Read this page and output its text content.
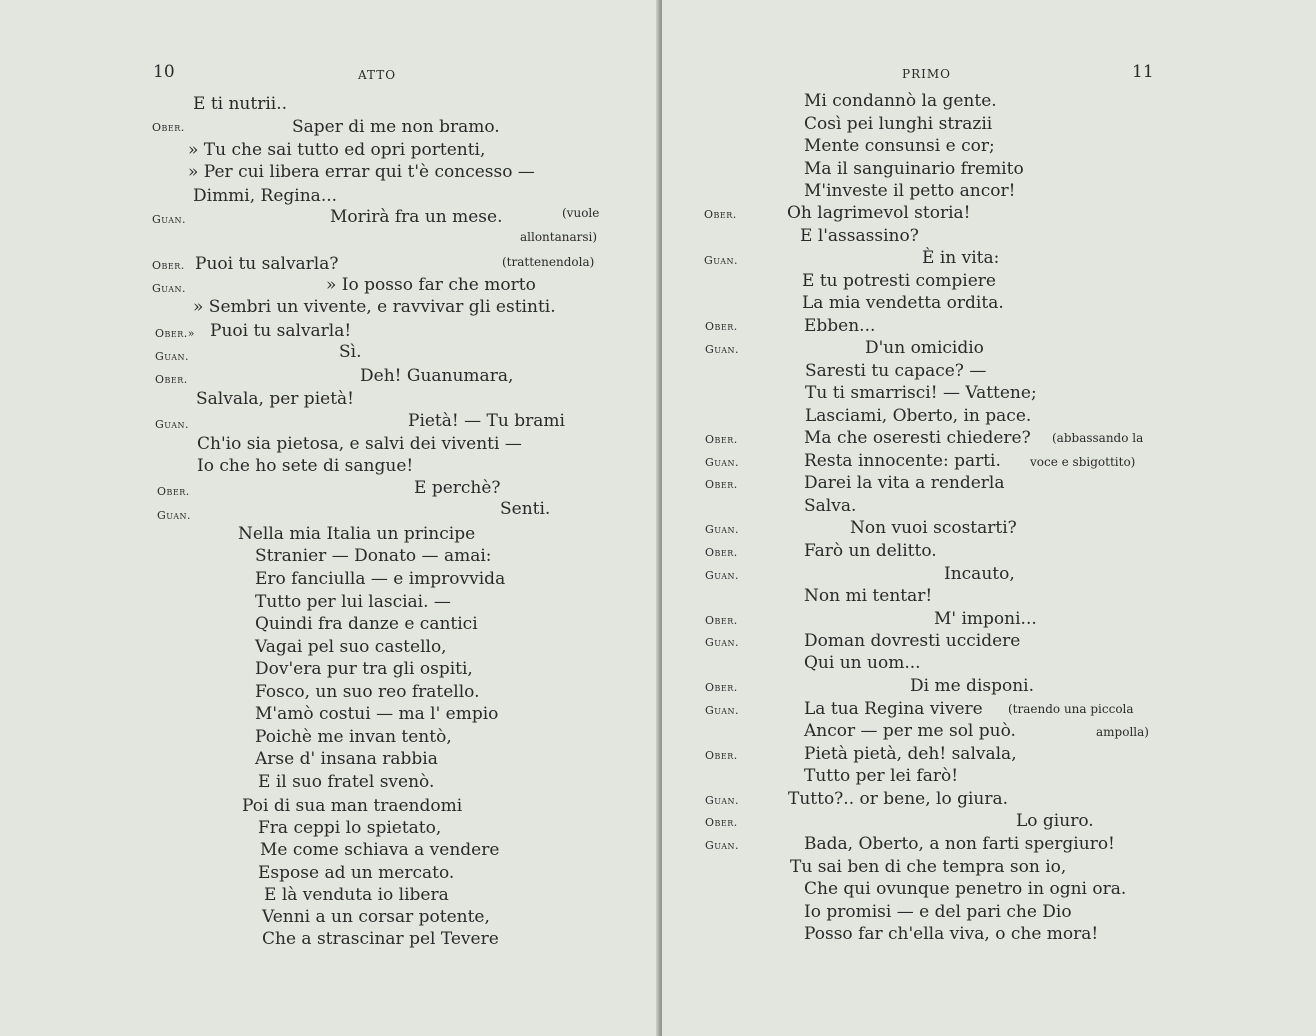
10	ATTO
E ti nutrii..
Ober.	Saper di me non bramo.
» Tu che sai tutto ed opri portenti,
» Per cui libera errar qui t'è concesso —
Dimmi, Regina...
Guan.	Morirà fra un mese.	(vuole
allontanarsi)
Ober. Puoi tu salvarla?	(trattenendola)
Guan.	» Io posso far che morto
» Sembri un vivente, e ravvivar gli estinti.
Ober.» Puoi tu salvarla!
Guan.	Sì.
Ober.	Deh! Guanumara,
Salvala, per pietà!
Guan.	Pietà! — Tu brami
Ch'io sia pietosa, e salvi dei viventi —
Io che ho sete di sangue!
Ober.	E perchè?
Guan.	Senti.
Nella mia Italia un principe
Stranier — Donato — amai:
Ero fanciulla — e improvvida
Tutto per lui lasciai. —
Quindi fra danze e cantici
Vagai pel suo castello,
Dov'era pur tra gli ospiti,
Fosco, un suo reo fratello.
M'amò costui — ma l' empio
Poichè me invan tentò,
Arse d' insana rabbia
E il suo fratel svenò.
Poi di sua man traendomi
Fra ceppi lo spietato,
Me come schiava a vendere
Espose ad un mercato.
E là venduta io libera
Venni a un corsar potente,
Che a strascinar pel Tevere
PRIMO	11
Mi condannò la gente.
Così pei lunghi strazii
Mente consunsi e cor;
Ma il sanguinario fremito
M'investe il petto ancor!
Ober.	Oh lagrimevol storia!
E l'assassino?
Guan.	È in vita:
E tu potresti compiere
La mia vendetta ordita.
Ober.	Ebben...
Guan.	D'un omicidio
Saresti tu capace? —
Tu ti smarrisci! — Vattene;
Lasciami, Oberto, in pace.
Ober.	Ma che oseresti chiedere? (abbassando la
Guan.	Resta innocente: parti. voce e sbigottito)
Ober.	Darei la vita a renderla
Salva.
Guan.	Non vuoi scostarti?
Ober.	Farò un delitto.
Guan.	Incauto,
Non mi tentar!
Ober.	M' imponi...
Guan.	Doman dovresti uccidere
Qui un uom...
Ober.	Di me disponi.
Guan.	La tua Regina vivere (traendo una piccola
Ancor — per me sol può.	ampolla)
Ober.	Pietà pietà, deh! salvala,
Tutto per lei farò!
Guan.	Tutto?.. or bene, lo giura.
Ober.	Lo giuro.
Guan.	Bada, Oberto, a non farti spergiuro!
Tu sai ben di che tempra son io,
Che qui ovunque penetro in ogni ora.
Io promisi — e del pari che Dio
Posso far ch'ella viva, o che mora!
